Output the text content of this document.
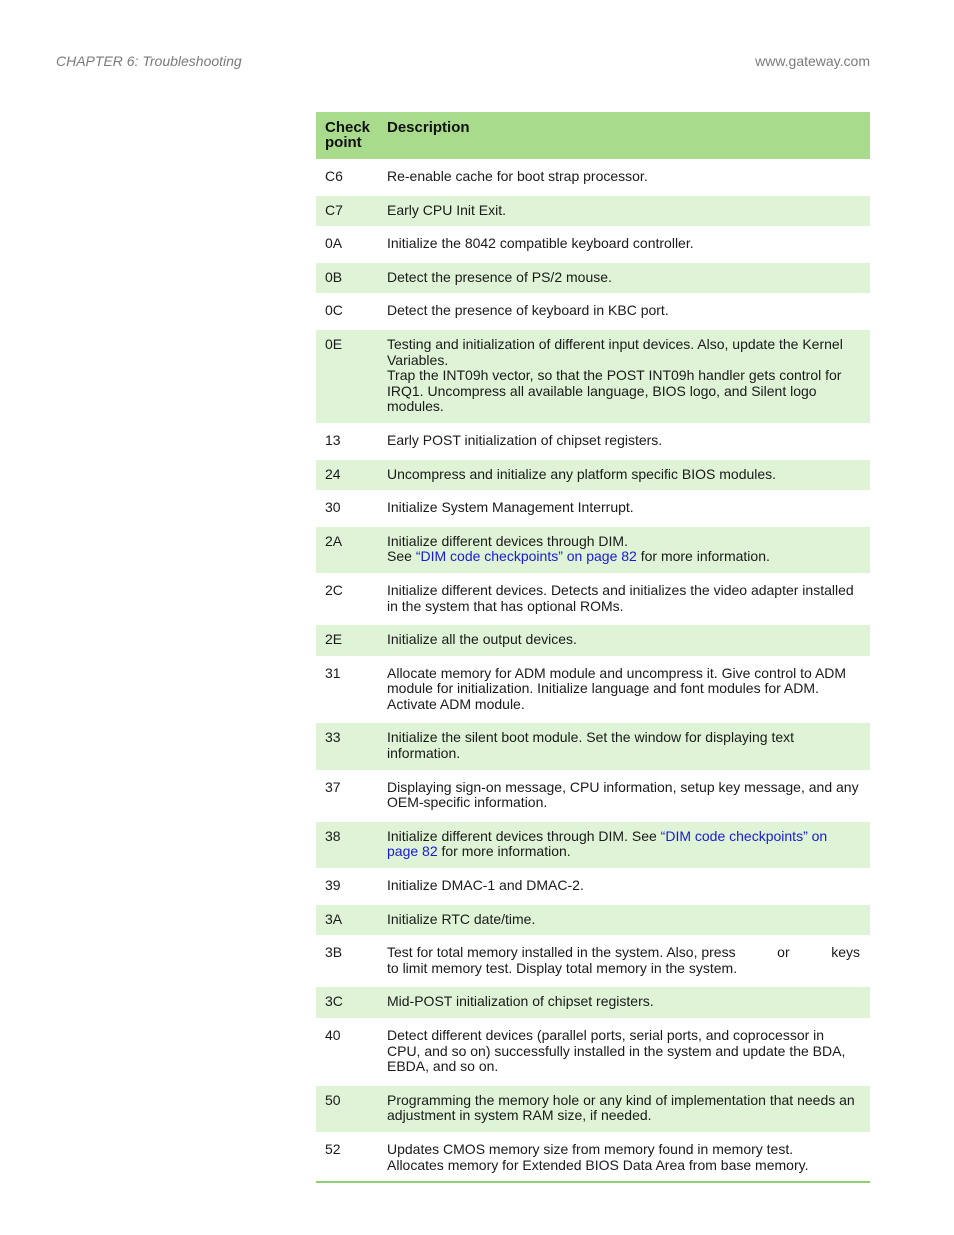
CHAPTER 6: Troubleshooting	www.gateway.com
Check point	Description
C6	Re-enable cache for boot strap processor.

C7	Early CPU Init Exit.

0A	Initialize the 8042 compatible keyboard controller.

0B	Detect the presence of PS/2 mouse.

0C	Detect the presence of keyboard in KBC port.

0E	Testing and initialization of different input devices. Also, update the Kernel Variables.
Trap the INT09h vector, so that the POST INT09h handler gets control for IRQ1. Uncompress all available language, BIOS logo, and Silent logo modules.

13	Early POST initialization of chipset registers.

24	Uncompress and initialize any platform specific BIOS modules.

30	Initialize System Management Interrupt.

2A	Initialize different devices through DIM.
See “DIM code checkpoints” on page 82 for more information.

2C	Initialize different devices. Detects and initializes the video adapter installed in the system that has optional ROMs.

2E	Initialize all the output devices.

31	Allocate memory for ADM module and uncompress it. Give control to ADM module for initialization. Initialize language and font modules for ADM. Activate ADM module.

33	Initialize the silent boot module. Set the window for displaying text information.

37	Displaying sign-on message, CPU information, setup key message, and any OEM-specific information.

38	Initialize different devices through DIM. See “DIM code checkpoints” on page 82 for more information.

39	Initialize DMAC-1 and DMAC-2.

3A	Initialize RTC date/time.

3B	Test for total memory installed in the system. Also, press or keys
to limit memory test. Display total memory in the system.

3C	Mid-POST initialization of chipset registers.

40	Detect different devices (parallel ports, serial ports, and coprocessor in CPU, and so on) successfully installed in the system and update the BDA, EBDA, and so on.

50	Programming the memory hole or any kind of implementation that needs an adjustment in system RAM size, if needed.

52	Updates CMOS memory size from memory found in memory test.
Allocates memory for Extended BIOS Data Area from base memory.
